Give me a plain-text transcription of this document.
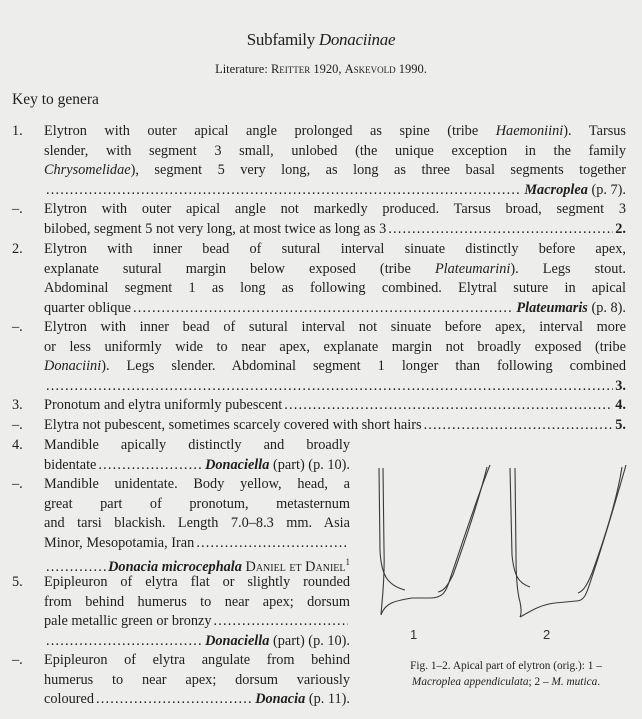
Subfamily Donaciinae
Literature: Reitter 1920, Askevold 1990.
Key to genera
1. Elytron with outer apical angle prolonged as spine (tribe Haemoniini). Tarsus
slender, with segment 3 small, unlobed (the unique exception in the family
Chrysomelidae), segment 5 very long, as long as three basal segments together
. . .
Macroplea (p. 7).
–. Elytron with outer apical angle not markedly produced. Tarsus broad, segment 3
bilobed, segment 5 not very long, at most twice as long as 3 . . .	2.
2. Elytron with inner bead of sutural interval sinuate distinctly before apex,
explanate sutural margin below exposed (tribe Plateumarini). Legs stout.
Abdominal segment 1 as long as following combined. Elytral suture in apical
quarter oblique . . .	Plateumaris (p. 8).
–. Elytron with inner bead of sutural interval not sinuate before apex, interval more
or less uniformly wide to near apex, explanate margin not broadly exposed (tribe
Donaciini). Legs slender. Abdominal segment 1 longer than following combined
. . .
3.
3. Pronotum and elytra uniformly pubescent . . .	4.
–. Elytra not pubescent, sometimes scarcely covered with short hairs . . .	5.
4. Mandible apically distinctly and broadly
bidentate . . .	Donaciella (part) (p. 10).
–. Mandible unidentate. Body yellow, head, a
great part of pronotum, metasternum
and tarsi blackish. Length 7.0–8.3 mm. Asia
Minor, Mesopotamia, Iran
. . .
. . .
Donacia microcephala Daniel et Daniel$^1$
5. Epipleuron of elytra flat or slightly rounded
from behind humerus to near apex; dorsum
pale metallic green or bronzy
. . .
. . .
Donaciella (part) (p. 10).
–. Epipleuron of elytra angulate from behind
humerus to near apex; dorsum variously
coloured . . .	Donacia (p. 11).
1	2
Fig. 1–2. Apical part of elytron (orig.): 1 –
Macroplea appendiculata; 2 – M. mutica.
